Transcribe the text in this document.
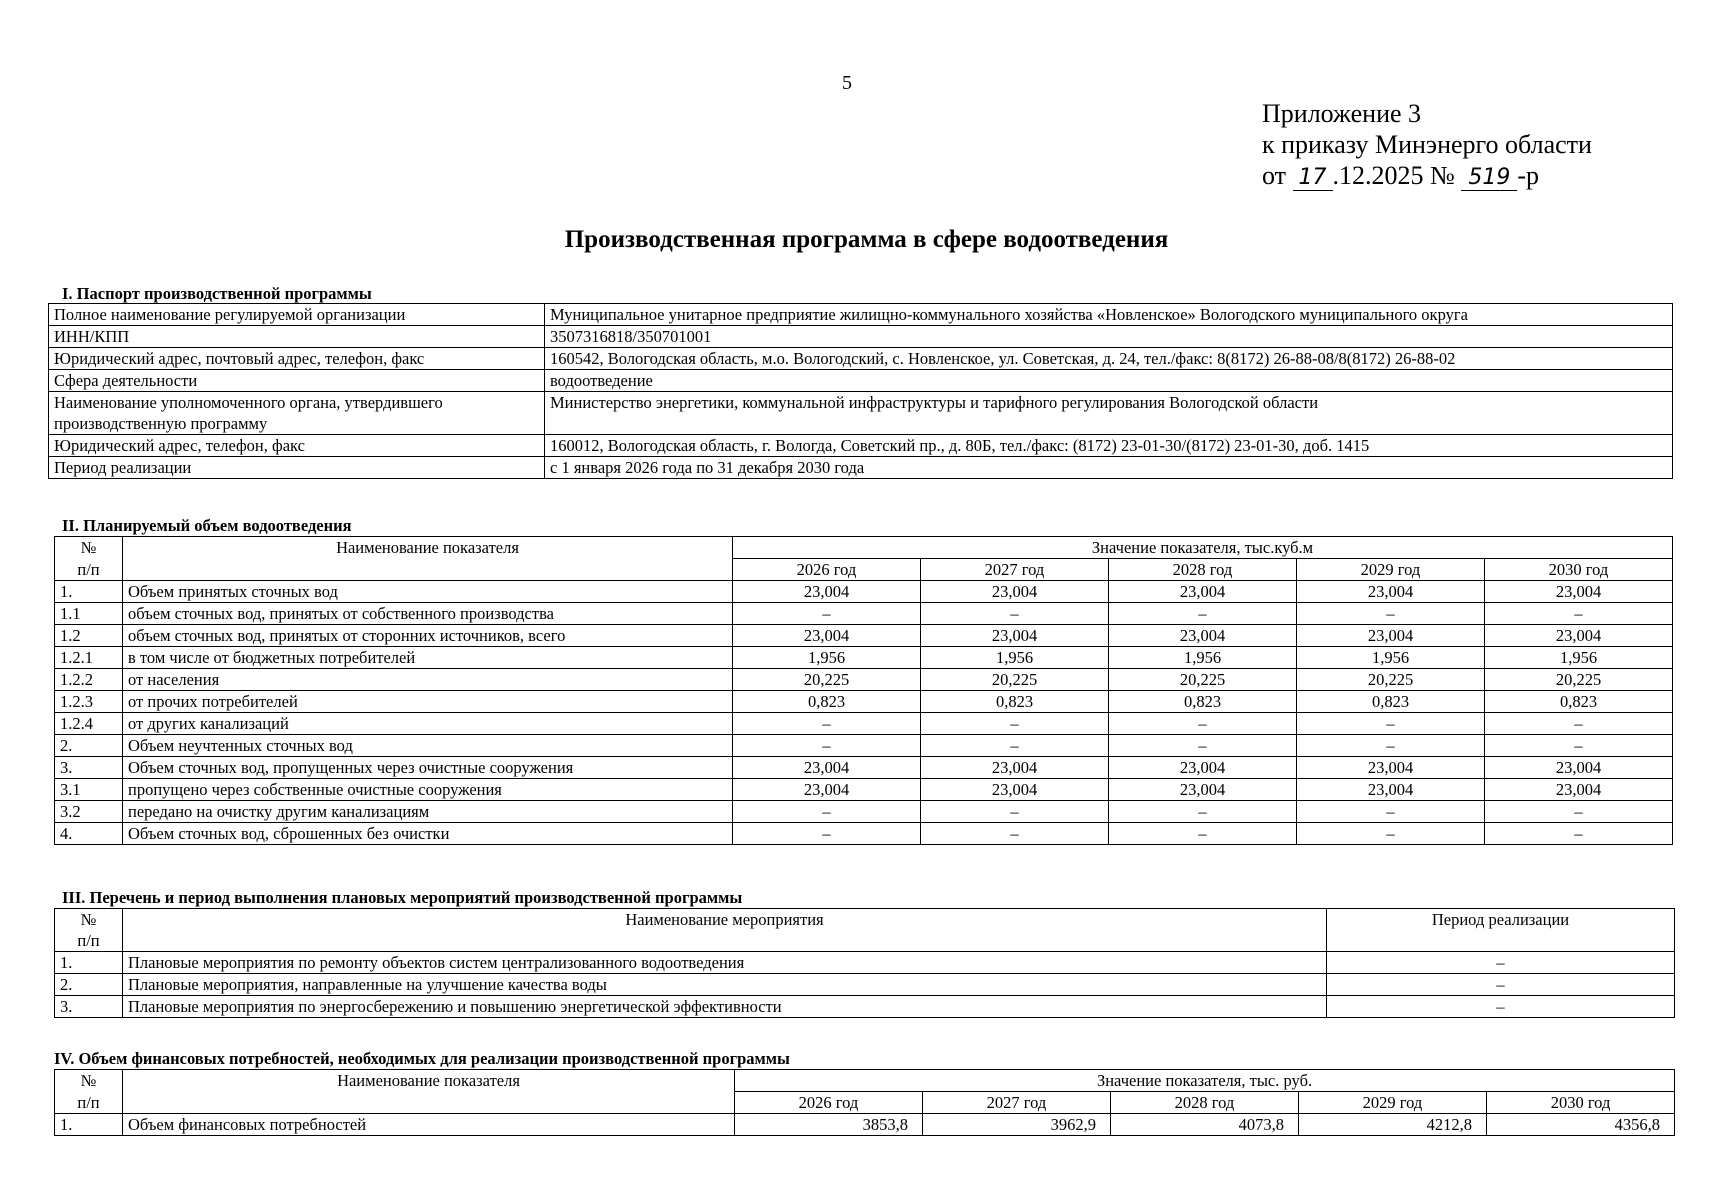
5
Приложение 3
к приказу Минэнерго области
от 17 .12.2025 № 519 -р
Производственная программа в сфере водоотведения
I. Паспорт производственной программы
Полное наименование регулируемой организации	Муниципальное унитарное предприятие жилищно-коммунального хозяйства «Новленское» Вологодского муниципального округа
ИНН/КПП	3507316818/350701001
Юридический адрес, почтовый адрес, телефон, факс	160542, Вологодская область, м.о. Вологодский, с. Новленское, ул. Советская, д. 24, тел./факс: 8(8172) 26-88-08/8(8172) 26-88-02
Сфера деятельности	водоотведение
Наименование уполномоченного органа, утвердившего производственную программу	Министерство энергетики, коммунальной инфраструктуры и тарифного регулирования Вологодской области
Юридический адрес, телефон, факс	160012, Вологодская область, г. Вологда, Советский пр., д. 80Б, тел./факс: (8172) 23-01-30/(8172) 23-01-30, доб. 1415
Период реализации	с 1 января 2026 года по 31 декабря 2030 года
II. Планируемый объем водоотведения
№	Наименование показателя	Значение показателя, тыс.куб.м				
п/п		2026 год	2027 год	2028 год	2029 год	2030 год
1.	Объем принятых сточных вод	23,004	23,004	23,004	23,004	23,004
1.1	объем сточных вод, принятых от собственного производства	–	–	–	–	–
1.2	объем сточных вод, принятых от сторонних источников, всего	23,004	23,004	23,004	23,004	23,004
1.2.1	в том числе от бюджетных потребителей	1,956	1,956	1,956	1,956	1,956
1.2.2	от населения	20,225	20,225	20,225	20,225	20,225
1.2.3	от прочих потребителей	0,823	0,823	0,823	0,823	0,823
1.2.4	от других канализаций	–	–	–	–	–
2.	Объем неучтенных сточных вод	–	–	–	–	–
3.	Объем сточных вод, пропущенных через очистные сооружения	23,004	23,004	23,004	23,004	23,004
3.1	пропущено через собственные очистные сооружения	23,004	23,004	23,004	23,004	23,004
3.2	передано на очистку другим канализациям	–	–	–	–	–
4.	Объем сточных вод, сброшенных без очистки	–	–	–	–	–
III. Перечень и период выполнения плановых мероприятий производственной программы
№	Наименование мероприятия	Период реализации
п/п		
1.	Плановые мероприятия по ремонту объектов систем централизованного водоотведения	–
2.	Плановые мероприятия, направленные на улучшение качества воды	–
3.	Плановые мероприятия по энергосбережению и повышению энергетической эффективности	–
IV. Объем финансовых потребностей, необходимых для реализации производственной программы
№	Наименование показателя	Значение показателя, тыс. руб.				
п/п		2026 год	2027 год	2028 год	2029 год	2030 год
1.	Объем финансовых потребностей	3853,8	3962,9	4073,8	4212,8	4356,8
